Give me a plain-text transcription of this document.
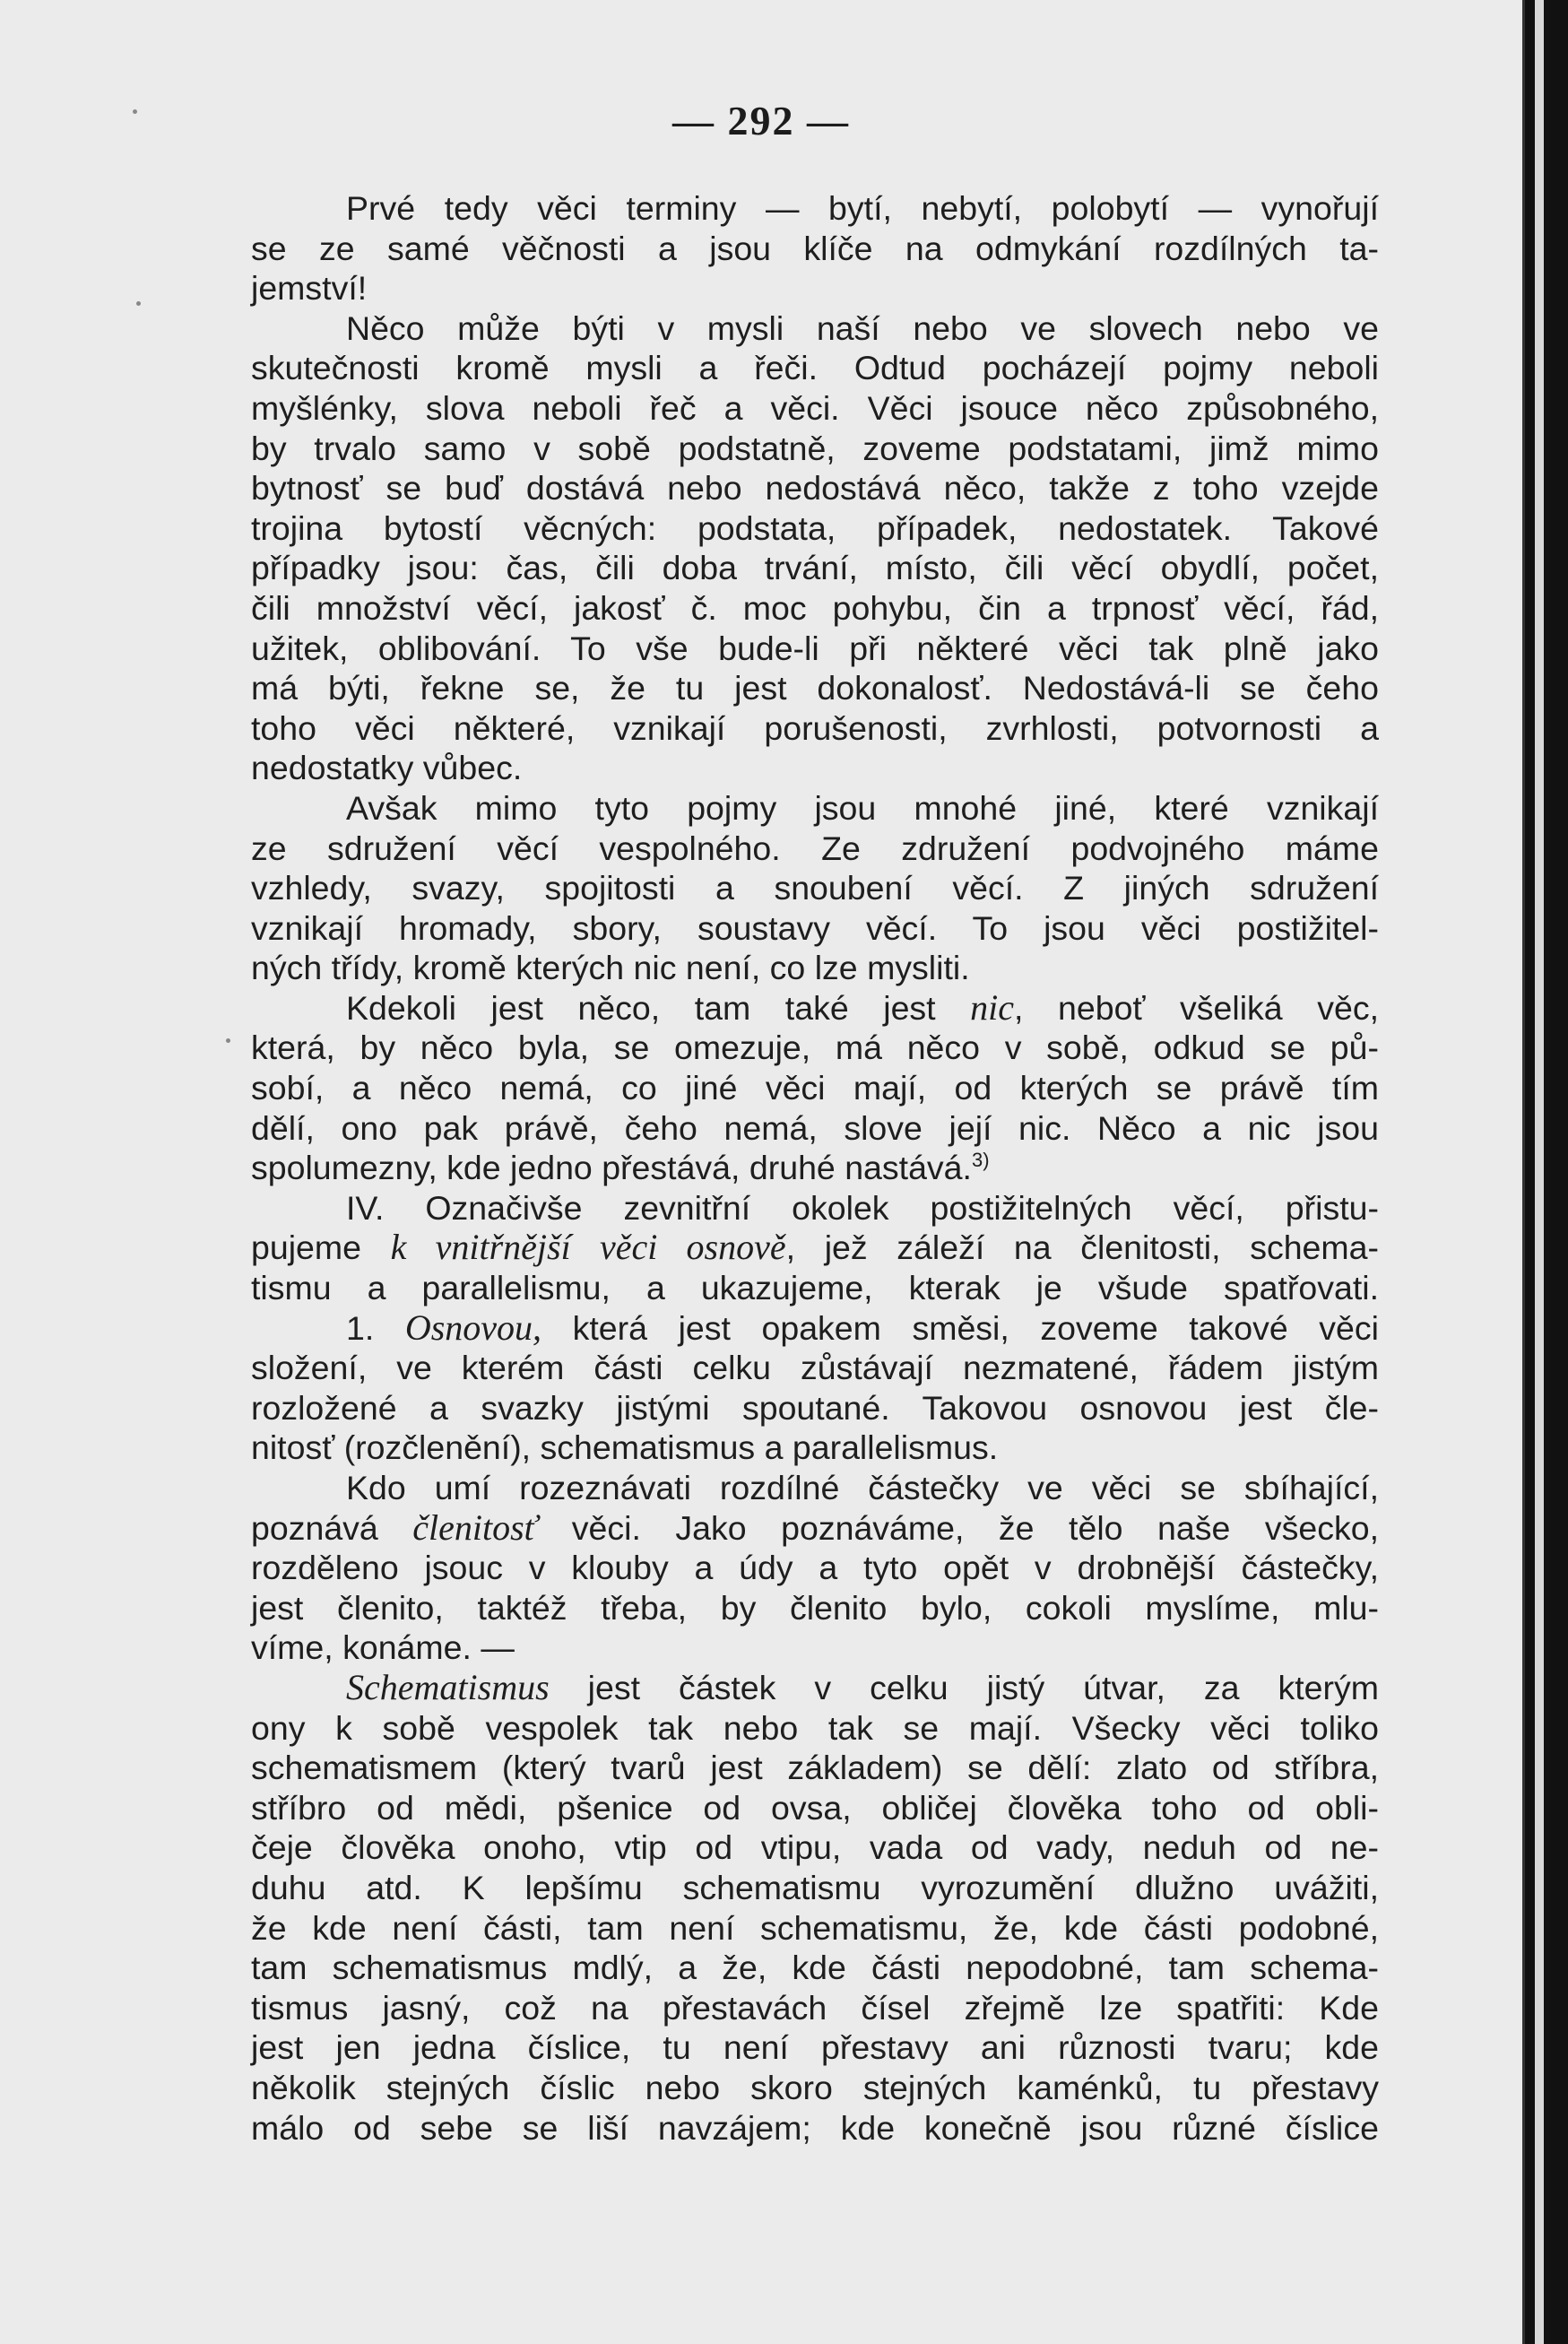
— 292 —
Prvé tedy věci terminy — bytí, nebytí, polobytí — vynořují
se ze samé věčnosti a jsou klíče na odmykání rozdílných ta-
jemství!
Něco může býti v mysli naší nebo ve slovech nebo ve
skutečnosti kromě mysli a řeči. Odtud pocházejí pojmy neboli
myšlénky, slova neboli řeč a věci. Věci jsouce něco způsobného,
by trvalo samo v sobě podstatně, zoveme podstatami, jimž mimo
bytnosť se buď dostává nebo nedostává něco, takže z toho vzejde
trojina bytostí věcných: podstata, případek, nedostatek. Takové
případky jsou: čas, čili doba trvání, místo, čili věcí obydlí, počet,
čili množství věcí, jakosť č. moc pohybu, čin a trpnosť věcí, řád,
užitek, oblibování. To vše bude-li při některé věci tak plně jako
má býti, řekne se, že tu jest dokonalosť. Nedostává-li se čeho
toho věci některé, vznikají porušenosti, zvrhlosti, potvornosti a
nedostatky vůbec.
Avšak mimo tyto pojmy jsou mnohé jiné, které vznikají
ze sdružení věcí vespolného. Ze združení podvojného máme
vzhledy, svazy, spojitosti a snoubení věcí. Z jiných sdružení
vznikají hromady, sbory, soustavy věcí. To jsou věci postižitel-
ných třídy, kromě kterých nic není, co lze mysliti.
Kdekoli jest něco, tam také jest nic, neboť všeliká věc,
která, by něco byla, se omezuje, má něco v sobě, odkud se pů-
sobí, a něco nemá, co jiné věci mají, od kterých se právě tím
dělí, ono pak právě, čeho nemá, slove její nic. Něco a nic jsou
spolumezny, kde jedno přestává, druhé nastává.$^{3)}$
IV. Označivše zevnitřní okolek postižitelných věcí, přistu-
pujeme k vnitřnější věci osnově, jež záleží na členitosti, schema-
tismu a parallelismu, a ukazujeme, kterak je všude spatřovati.
1. Osnovou, která jest opakem směsi, zoveme takové věci
složení, ve kterém části celku zůstávají nezmatené, řádem jistým
rozložené a svazky jistými spoutané. Takovou osnovou jest čle-
nitosť (rozčlenění), schematismus a parallelismus.
Kdo umí rozeznávati rozdílné částečky ve věci se sbíhající,
poznává členitosť věci. Jako poznáváme, že tělo naše všecko,
rozděleno jsouc v klouby a údy a tyto opět v drobnější částečky,
jest členito, taktéž třeba, by členito bylo, cokoli myslíme, mlu-
víme, konáme. —
Schematismus jest částek v celku jistý útvar, za kterým
ony k sobě vespolek tak nebo tak se mají. Všecky věci toliko
schematismem (který tvarů jest základem) se dělí: zlato od stříbra,
stříbro od mědi, pšenice od ovsa, obličej člověka toho od obli-
čeje člověka onoho, vtip od vtipu, vada od vady, neduh od ne-
duhu atd. K lepšímu schematismu vyrozumění dlužno uvážiti,
že kde není části, tam není schematismu, že, kde části podobné,
tam schematismus mdlý, a že, kde části nepodobné, tam schema-
tismus jasný, což na přestavách čísel zřejmě lze spatřiti: Kde
jest jen jedna číslice, tu není přestavy ani různosti tvaru; kde
několik stejných číslic nebo skoro stejných kaménků, tu přestavy
málo od sebe se liší navzájem; kde konečně jsou různé číslice
